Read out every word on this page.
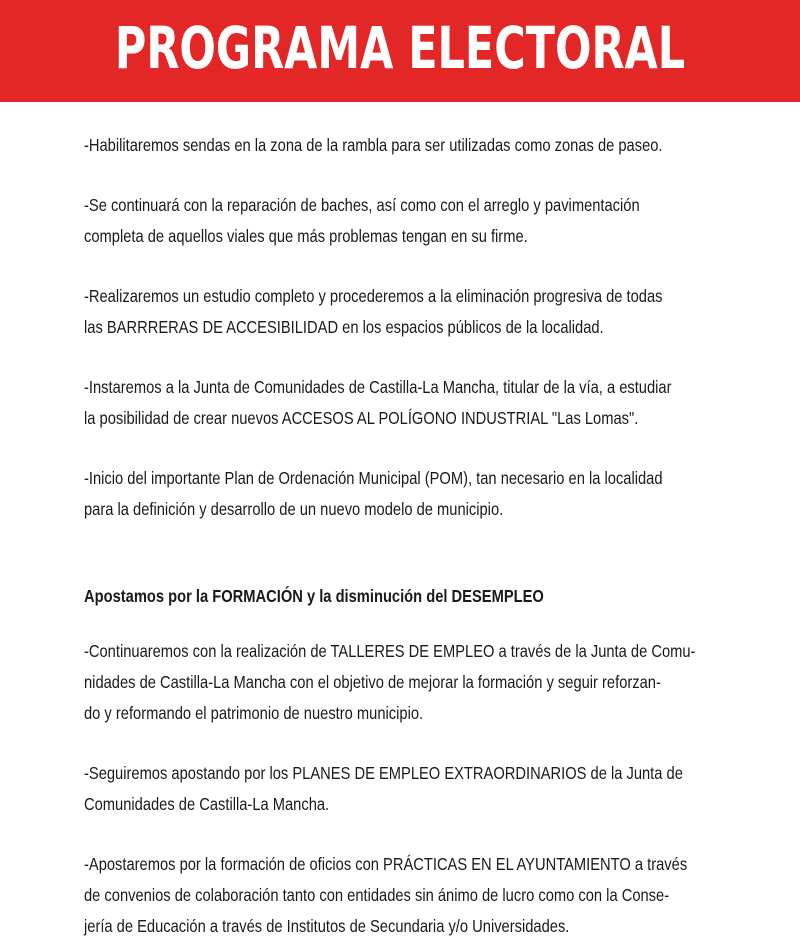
PROGRAMA ELECTORAL

-Habilitaremos sendas en la zona de la rambla para ser utilizadas como zonas de paseo.

-Se continuará con la reparación de baches, así como con el arreglo y pavimentación
completa de aquellos viales que más problemas tengan en su firme.

-Realizaremos un estudio completo y procederemos a la eliminación progresiva de todas
las BARRRERAS DE ACCESIBILIDAD en los espacios públicos de la localidad.

-Instaremos a la Junta de Comunidades de Castilla-La Mancha, titular de la vía, a estudiar
la posibilidad de crear nuevos ACCESOS AL POLÍGONO INDUSTRIAL "Las Lomas".

-Inicio del importante Plan de Ordenación Municipal (POM), tan necesario en la localidad
para la definición y desarrollo de un nuevo modelo de municipio.

Apostamos por la FORMACIÓN y la disminución del DESEMPLEO

-Continuaremos con la realización de TALLERES DE EMPLEO a través de la Junta de Comu-
nidades de Castilla-La Mancha con el objetivo de mejorar la formación y seguir reforzan-
do y reformando el patrimonio de nuestro municipio.

-Seguiremos apostando por los PLANES DE EMPLEO EXTRAORDINARIOS de la Junta de
Comunidades de Castilla-La Mancha.

-Apostaremos por la formación de oficios con PRÁCTICAS EN EL AYUNTAMIENTO a través
de convenios de colaboración tanto con entidades sin ánimo de lucro como con la Conse-
jería de Educación a través de Institutos de Secundaria y/o Universidades.
